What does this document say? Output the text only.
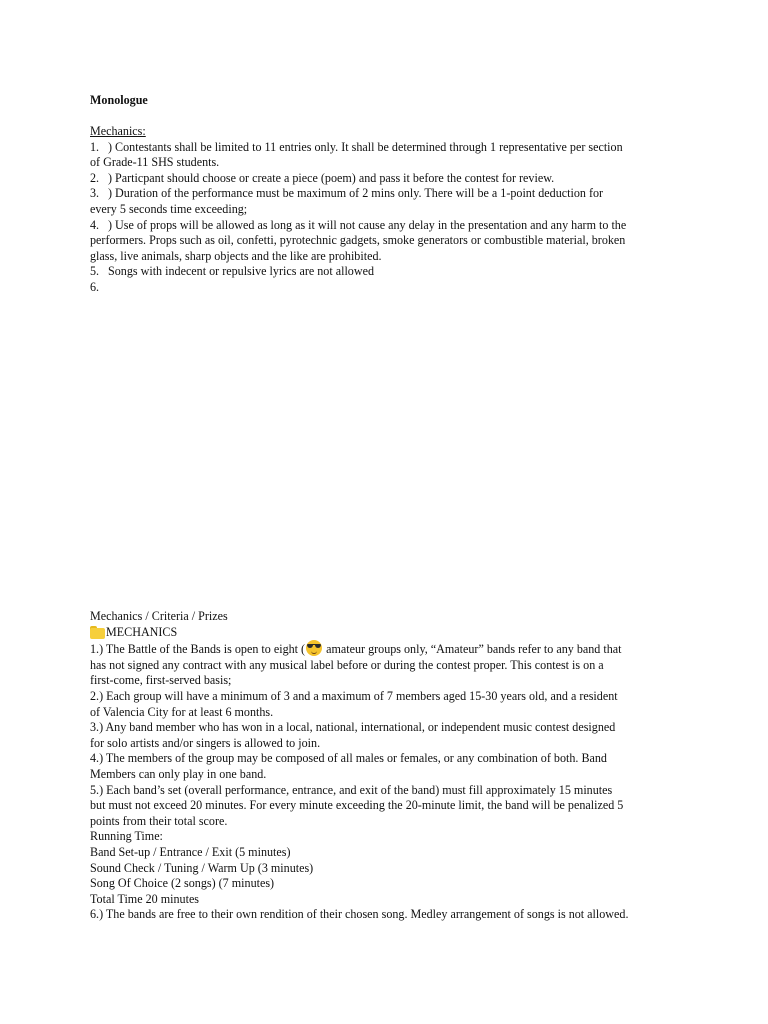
Monologue
Mechanics:
1. ) Contestants shall be limited to 11 entries only. It shall be determined through 1 representative per section
of Grade-11 SHS students.
2. ) Particpant should choose or create a piece (poem) and pass it before the contest for review.
3. ) Duration of the performance must be maximum of 2 mins only. There will be a 1-point deduction for
every 5 seconds time exceeding;
4. ) Use of props will be allowed as long as it will not cause any delay in the presentation and any harm to the
performers. Props such as oil, confetti, pyrotechnic gadgets, smoke generators or combustible material, broken
glass, live animals, sharp objects and the like are prohibited.
5. Songs with indecent or repulsive lyrics are not allowed
6.
Mechanics / Criteria / Prizes
MECHANICS
1.) The Battle of the Bands is open to eight (
amateur groups only, “Amateur” bands refer to any band that
has not signed any contract with any musical label before or during the contest proper. This contest is on a
first-come, first-served basis;
2.) Each group will have a minimum of 3 and a maximum of 7 members aged 15-30 years old, and a resident
of Valencia City for at least 6 months.
3.) Any band member who has won in a local, national, international, or independent music contest designed
for solo artists and/or singers is allowed to join.
4.) The members of the group may be composed of all males or females, or any combination of both. Band
Members can only play in one band.
5.) Each band’s set (overall performance, entrance, and exit of the band) must fill approximately 15 minutes
but must not exceed 20 minutes. For every minute exceeding the 20-minute limit, the band will be penalized 5
points from their total score.
Running Time:
Band Set-up / Entrance / Exit (5 minutes)
Sound Check / Tuning / Warm Up (3 minutes)
Song Of Choice (2 songs) (7 minutes)
Total Time 20 minutes
6.) The bands are free to their own rendition of their chosen song. Medley arrangement of songs is not allowed.
